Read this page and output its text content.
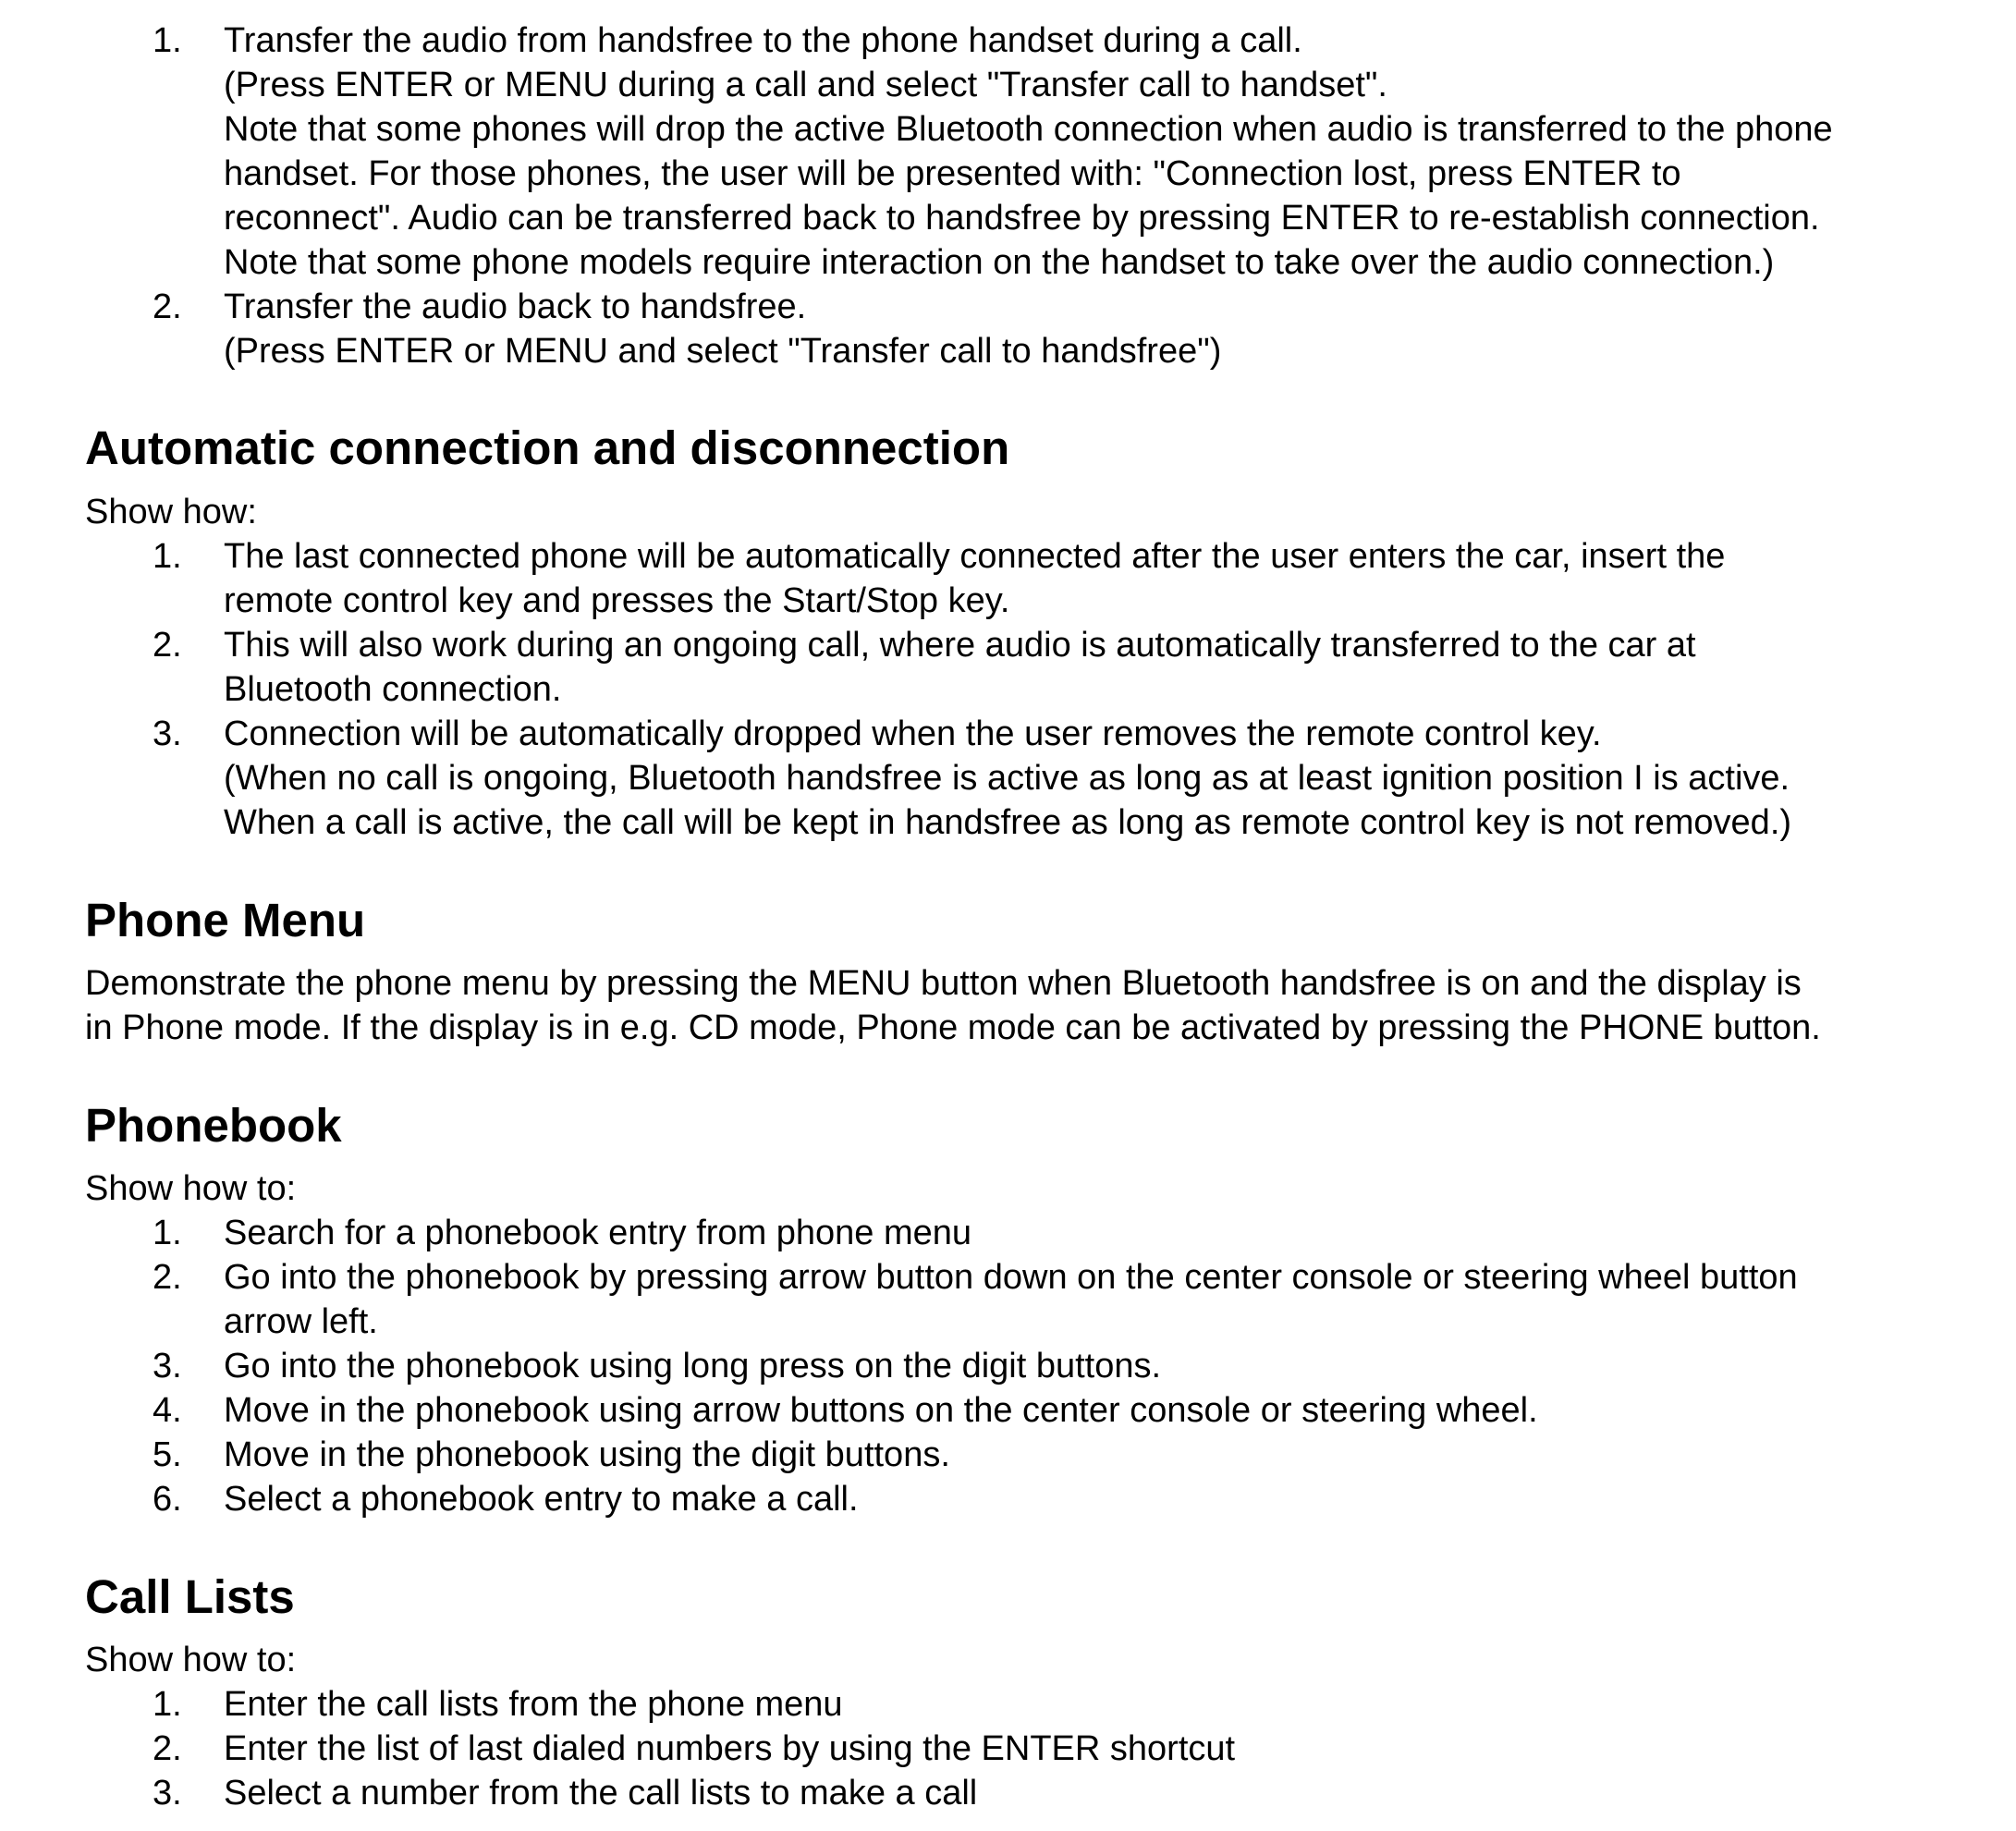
1. Transfer the audio from handsfree to the phone handset during a call.

(Press ENTER or MENU during a call and select "Transfer call to handset".

Note that some phones will drop the active Bluetooth connection when audio is transferred to the phone

handset. For those phones, the user will be presented with: "Connection lost, press ENTER to

reconnect". Audio can be transferred back to handsfree by pressing ENTER to re-establish connection.

Note that some phone models require interaction on the handset to take over the audio connection.)

2. Transfer the audio back to handsfree.

(Press ENTER or MENU and select "Transfer call to handsfree")

Automatic connection and disconnection

Show how:

1. The last connected phone will be automatically connected after the user enters the car, insert the

remote control key and presses the Start/Stop key.

2. This will also work during an ongoing call, where audio is automatically transferred to the car at

Bluetooth connection.

3. Connection will be automatically dropped when the user removes the remote control key.

(When no call is ongoing, Bluetooth handsfree is active as long as at least ignition position I is active.

When a call is active, the call will be kept in handsfree as long as remote control key is not removed.)

Phone Menu

Demonstrate the phone menu by pressing the MENU button when Bluetooth handsfree is on and the display is

in Phone mode. If the display is in e.g. CD mode, Phone mode can be activated by pressing the PHONE button.

Phonebook

Show how to:

1. Search for a phonebook entry from phone menu

2. Go into the phonebook by pressing arrow button down on the center console or steering wheel button

arrow left.

3. Go into the phonebook using long press on the digit buttons.

4. Move in the phonebook using arrow buttons on the center console or steering wheel.

5. Move in the phonebook using the digit buttons.

6. Select a phonebook entry to make a call.

Call Lists

Show how to:

1. Enter the call lists from the phone menu

2. Enter the list of last dialed numbers by using the ENTER shortcut

3. Select a number from the call lists to make a call
